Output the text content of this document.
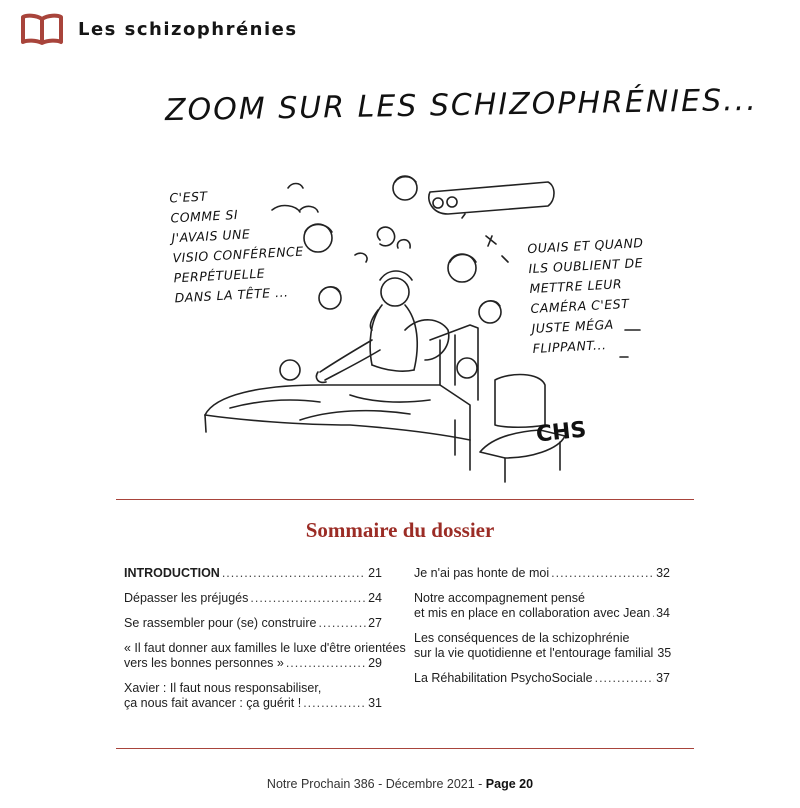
Les schizophrénies
ZOOM SUR LES SCHIZOPHRÉNIES...
C'EST
COMME SI
J'AVAIS UNE
VISIO CONFÉRENCE
PERPÉTUELLE
DANS LA TÊTE ...
OUAIS ET QUAND
ILS OUBLIENT DE
METTRE LEUR
CAMÉRA C'EST
JUSTE MÉGA
FLIPPANT...
CHS
Sommaire du dossier
INTRODUCTION .....	21
Dépasser les préjugés .....	24
Se rassembler pour (se) construire .....	27
« Il faut donner aux familles le luxe d'être orientées
vers les bonnes personnes » .....	29
Xavier : Il faut nous responsabiliser,
ça nous fait avancer : ça guérit ! .....	31
Je n'ai pas honte de moi .....	32
Notre accompagnement pensé
et mis en place en collaboration avec Jean ..... 34
Les conséquences de la schizophrénie
sur la vie quotidienne et l'entourage familial 35
La Réhabilitation PsychoSociale .....	37
Notre Prochain 386 - Décembre 2021 - Page 20
